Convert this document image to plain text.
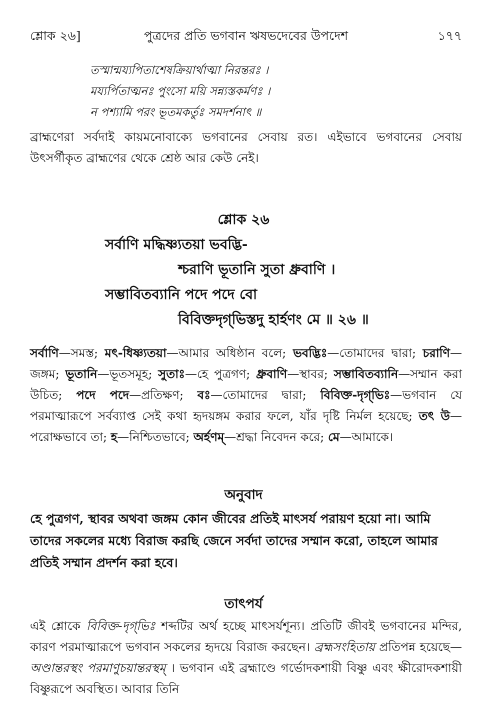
শ্লোক ২৬]	পুত্রদের প্রতি ভগবান ঋষভদেবের উপদেশ	১৭৭
তস্মান্ময্যপিতাশেষক্রিয়ার্থাত্মা নিরন্তরঃ ।
ময্যর্পিতাত্মনঃ পুংসো ময়ি সন্ন্যস্তকর্মণঃ ।
ন পশ্যামি পরং ভূতমকর্তুঃ সমদর্শনাৎ ॥
ব্রাহ্মণেরা সর্বদাই কায়মনোবাক্যে ভগবানের সেবায় রত। এইভাবে ভগবানের সেবায় উৎসর্গীকৃত ব্রাহ্মণের থেকে শ্রেষ্ঠ আর কেউ নেই।
শ্লোক ২৬
সর্বাণি মদ্ধিষ্ণ্যতয়া ভবদ্ভি-
শ্চরাণি ভূতানি সুতা ধ্রুবাণি ।
সম্ভাবিতব্যানি পদে পদে বো
বিবিক্তদৃগ্‌ভিস্তদু হার্হণং মে ॥ ২৬ ॥
সর্বাণি—সমস্ত; মৎ-ধিষ্ণ্যতয়া—আমার অধিষ্ঠান বলে; ভবদ্ভিঃ—তোমাদের দ্বারা; চরাণি—জঙ্গম; ভূতানি—ভূতসমূহ; সুতাঃ—হে পুত্রগণ; ধ্রুবাণি—স্থাবর; সম্ভাবিতব্যানি—সম্মান করা উচিত; পদে পদে—প্রতিক্ষণ; বঃ—তোমাদের দ্বারা; বিবিক্ত-দৃগ্‌ভিঃ—ভগবান যে পরমাত্মারূপে সর্বব্যাপ্ত সেই কথা হৃদয়ঙ্গম করার ফলে, যাঁর দৃষ্টি নির্মল হয়েছে; তৎ উ—পরোক্ষভাবে তা; হ—নিশ্চিতভাবে; অর্হণম্‌—শ্রদ্ধা নিবেদন করে; মে—আমাকে।
অনুবাদ
হে পুত্রগণ, স্থাবর অথবা জঙ্গম কোন জীবের প্রতিই মাৎসর্য পরায়ণ হয়ো না। আমি তাদের সকলের মধ্যে বিরাজ করছি জেনে সর্বদা তাদের সম্মান করো, তাহলে আমার প্রতিই সম্মান প্রদর্শন করা হবে।
তাৎপর্য
এই শ্লোকে বিবিক্ত-দৃগ্‌ভিঃ শব্দটির অর্থ হচ্ছে মাৎসর্যশূন্য। প্রতিটি জীবই ভগবানের মন্দির, কারণ পরমাত্মারূপে ভগবান সকলের হৃদয়ে বিরাজ করছেন। ব্রহ্মসংহিতায় প্রতিপন্ন হয়েছে—অণ্ডান্তরস্থং পরমাণুচয়ান্তরস্থম্‌ । ভগবান এই ব্রহ্মাণ্ডে গর্ভোদকশায়ী বিষ্ণু এবং ক্ষীরোদকশায়ী বিষ্ণুরূপে অবস্থিত। আবার তিনি
